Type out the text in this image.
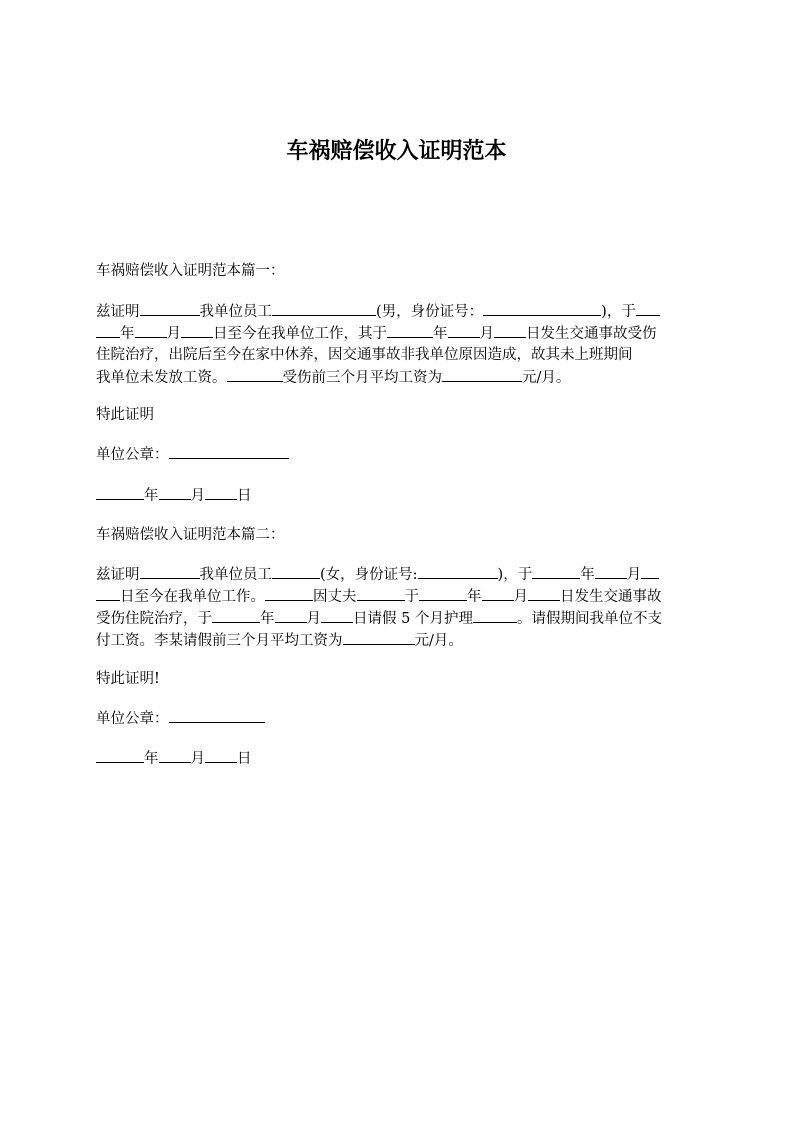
车祸赔偿收入证明范本
车祸赔偿收入证明范本篇一：
兹证明	我单位员工	(男，身份证号：	)，于
年 月 日至今在我单位工作，其于	年 月 日发生交通事故受伤
住院治疗，出院后至今在家中休养，因交通事故非我单位原因造成，故其未上班期间
我单位未发放工资。	受伤前三个月平均工资为	元/月。
特此证明
单位公章：
年 月 日
车祸赔偿收入证明范本篇二：
兹证明	我单位员工	(女，身份证号:	)，于	年 月
日至今在我单位工作。	因丈夫	于	年 月 日发生交通事故
受伤住院治疗，于	年 月 日请假 5 个月护理	。请假期间我单位不支
付工资。李某请假前三个月平均工资为	元/月。
特此证明!
单位公章：
年 月 日
